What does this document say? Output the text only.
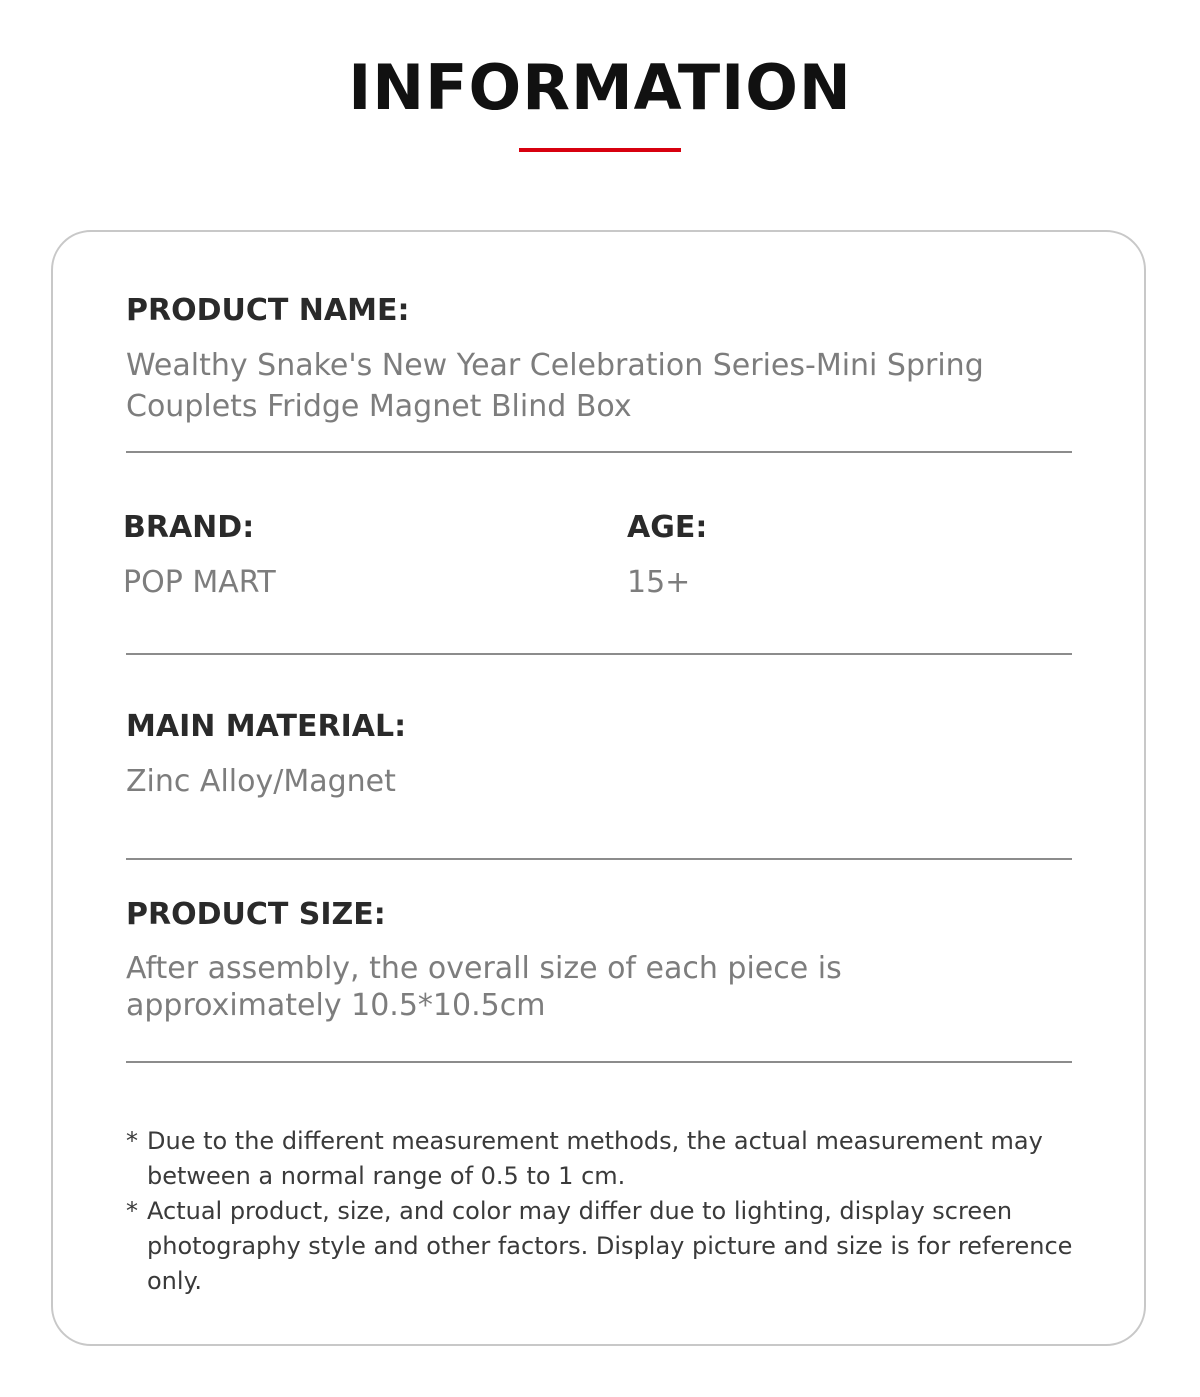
INFORMATION
PRODUCT NAME:
Wealthy Snake's New Year Celebration Series-Mini Spring Couplets Fridge Magnet Blind Box
BRAND:
POP MART
AGE:
15+
MAIN MATERIAL:
Zinc Alloy/Magnet
PRODUCT SIZE:
After assembly, the overall size of each piece is approximately 10.5*10.5cm
* Due to the different measurement methods, the actual measurement may between a normal range of 0.5 to 1 cm.
* Actual product, size, and color may differ due to lighting, display screen photography style and other factors. Display picture and size is for reference only.
